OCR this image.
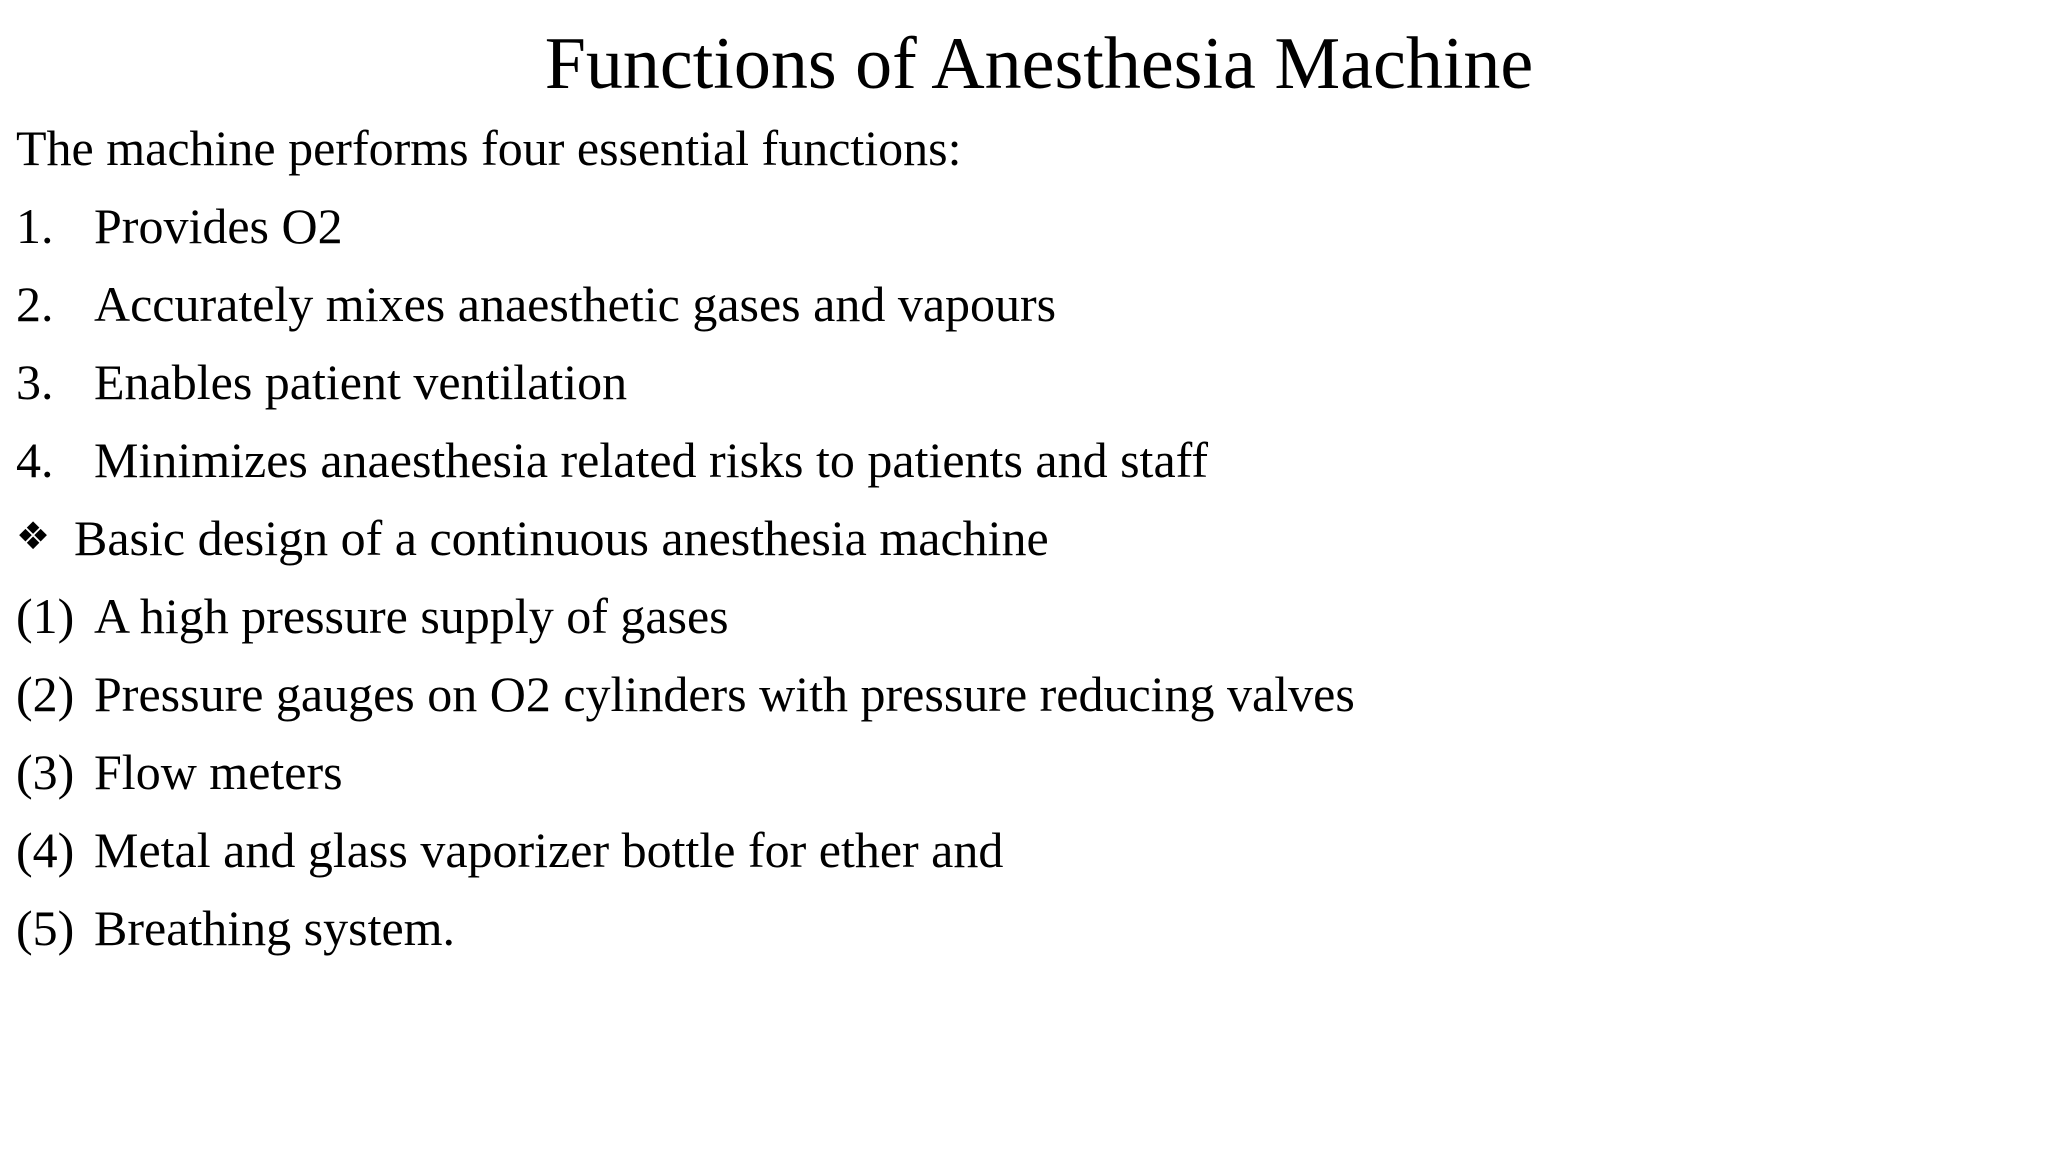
Functions of Anesthesia Machine
The machine performs four essential functions:
1. Provides O2
2. Accurately mixes anaesthetic gases and vapours
3. Enables patient ventilation
4. Minimizes anaesthesia related risks to patients and staff
❖ Basic design of a continuous anesthesia machine
(1) A high pressure supply of gases
(2) Pressure gauges on O2 cylinders with pressure reducing valves
(3) Flow meters
(4) Metal and glass vaporizer bottle for ether and
(5) Breathing system.
